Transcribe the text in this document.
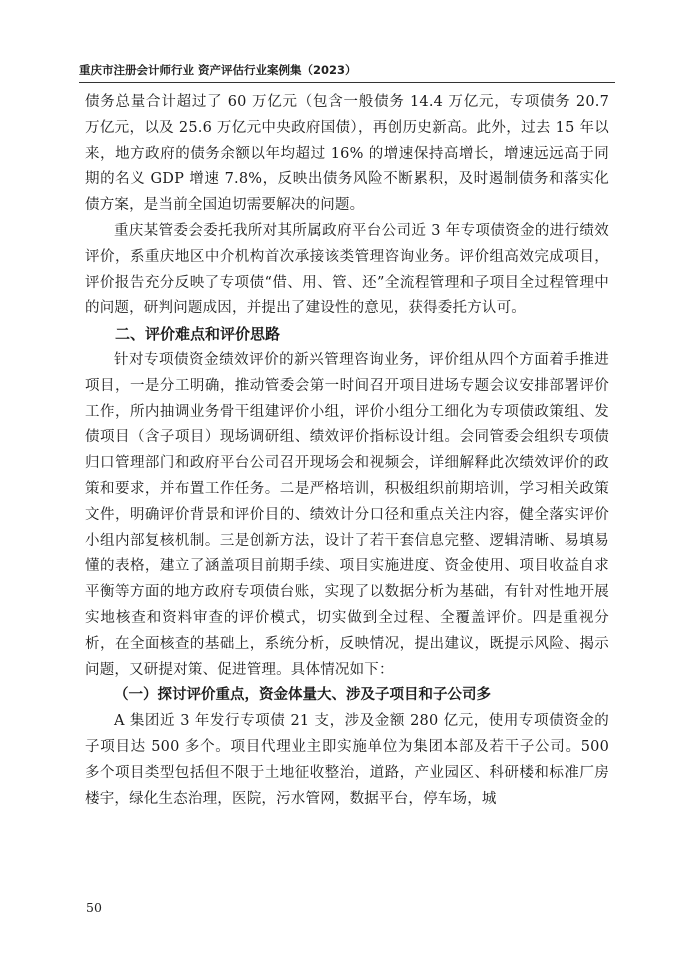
重庆市注册会计师行业 资产评估行业案例集（2023）

债务总量合计超过了 60 万亿元（包含一般债务 14.4 万亿元，专项债务 20.7 万亿元，以及 25.6 万亿元中央政府国债），再创历史新高。此外，过去 15 年以来，地方政府的债务余额以年均超过 16% 的增速保持高增长，增速远远高于同期的名义 GDP 增速 7.8%，反映出债务风险不断累积，及时遏制债务和落实化债方案，是当前全国迫切需要解决的问题。

重庆某管委会委托我所对其所属政府平台公司近 3 年专项债资金的进行绩效评价，系重庆地区中介机构首次承接该类管理咨询业务。评价组高效完成项目，评价报告充分反映了专项债“借、用、管、还”全流程管理和子项目全过程管理中的问题，研判问题成因，并提出了建设性的意见，获得委托方认可。

二、评价难点和评价思路

针对专项债资金绩效评价的新兴管理咨询业务，评价组从四个方面着手推进项目，一是分工明确，推动管委会第一时间召开项目进场专题会议安排部署评价工作，所内抽调业务骨干组建评价小组，评价小组分工细化为专项债政策组、发债项目（含子项目）现场调研组、绩效评价指标设计组。会同管委会组织专项债归口管理部门和政府平台公司召开现场会和视频会，详细解释此次绩效评价的政策和要求，并布置工作任务。二是严格培训，积极组织前期培训，学习相关政策文件，明确评价背景和评价目的、绩效计分口径和重点关注内容，健全落实评价小组内部复核机制。三是创新方法，设计了若干套信息完整、逻辑清晰、易填易懂的表格，建立了涵盖项目前期手续、项目实施进度、资金使用、项目收益自求平衡等方面的地方政府专项债台账，实现了以数据分析为基础，有针对性地开展实地核查和资料审查的评价模式，切实做到全过程、全覆盖评价。四是重视分析，在全面核查的基础上，系统分析，反映情况，提出建议，既提示风险、揭示问题，又研提对策、促进管理。具体情况如下：

（一）探讨评价重点，资金体量大、涉及子项目和子公司多

A 集团近 3 年发行专项债 21 支，涉及金额 280 亿元，使用专项债资金的子项目达 500 多个。项目代理业主即实施单位为集团本部及若干子公司。500 多个项目类型包括但不限于土地征收整治，道路，产业园区、科研楼和标准厂房楼宇，绿化生态治理，医院，污水管网，数据平台，停车场，城

50
